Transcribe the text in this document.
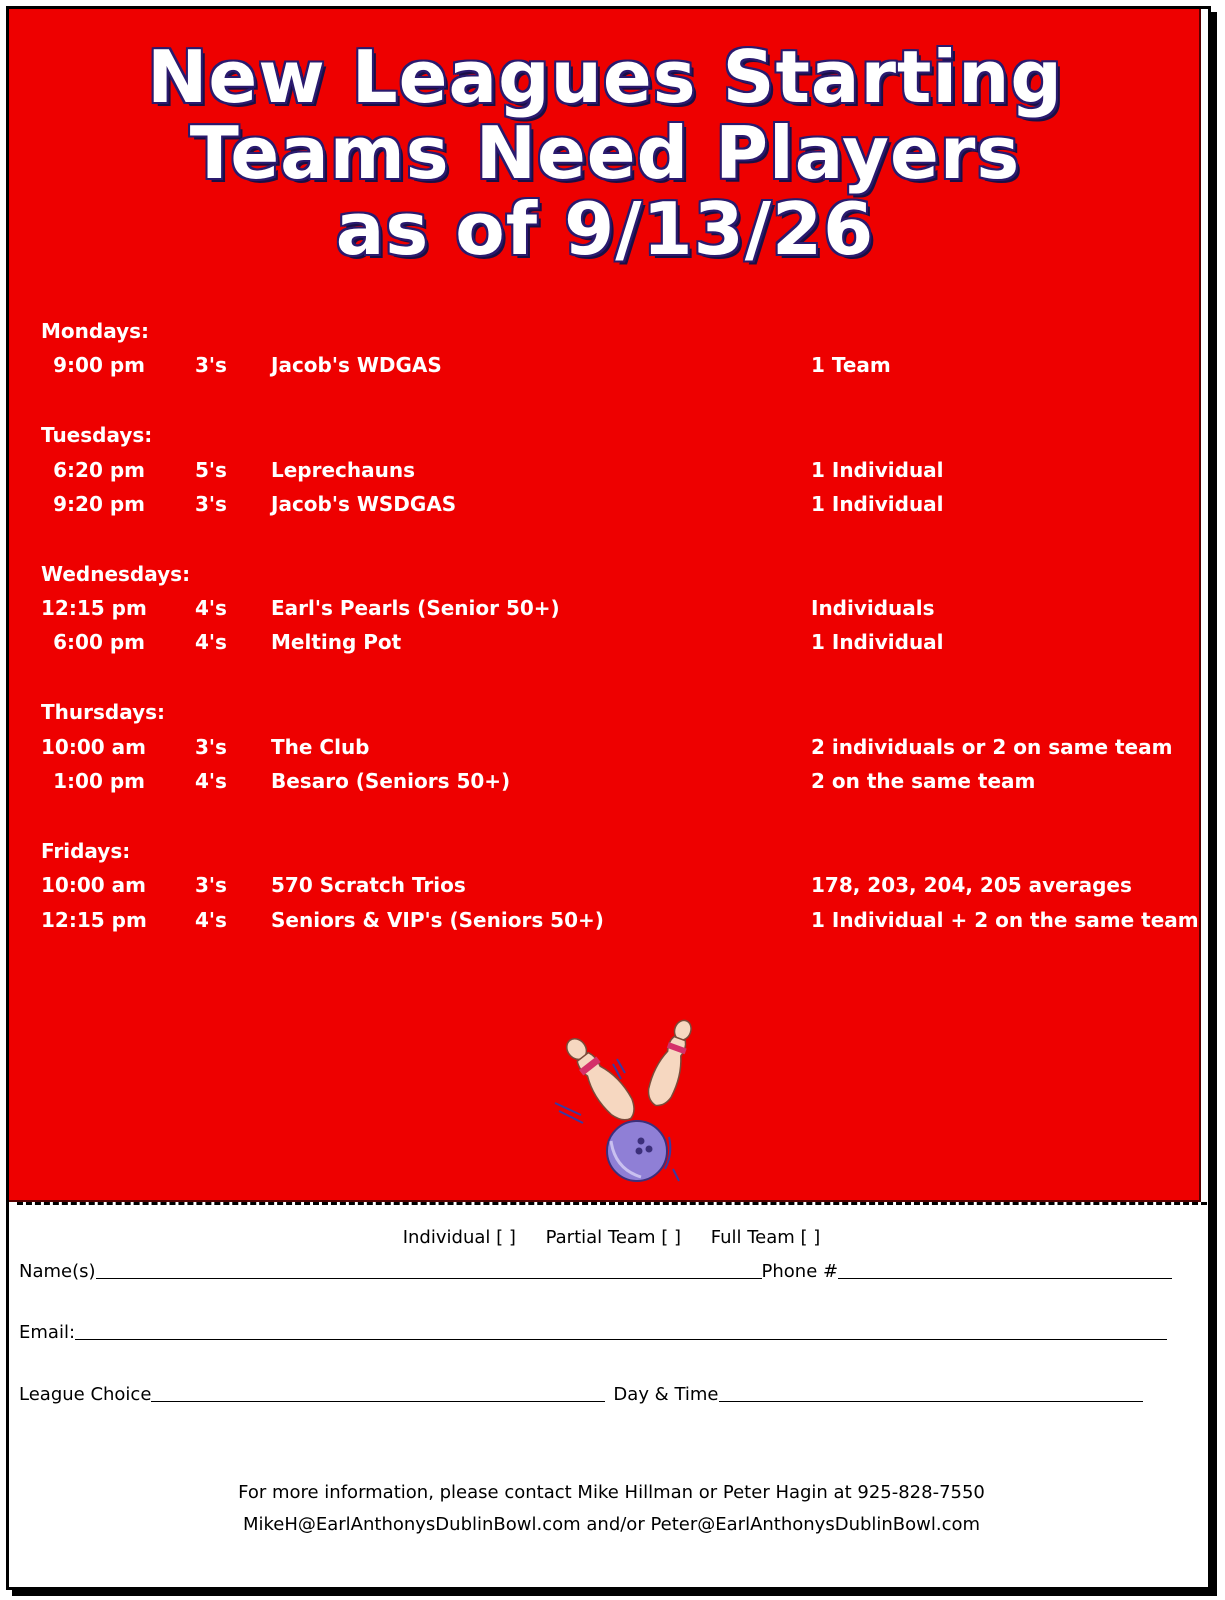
New Leagues Starting
Teams Need Players
as of 9/13/26
Mondays:
9:00 pm	3's Jacob's WDGAS	1 Team
Tuesdays:
6:20 pm	5's Leprechauns	1 Individual
9:20 pm	3's Jacob's WSDGAS	1 Individual
Wednesdays:
12:15 pm 4's Earl's Pearls (Senior 50+)	Individuals
6:00 pm	4's Melting Pot	1 Individual
Thursdays:
10:00 am 3's The Club	2 individuals or 2 on same team
1:00 pm	4's Besaro (Seniors 50+)	2 on the same team
Fridays:
10:00 am 3's 570 Scratch Trios	178, 203, 204, 205 averages
12:15 pm 4's Seniors & VIP's (Seniors 50+)	1 Individual + 2 on the same team
Individual [ ] Partial Team [ ] Full Team [ ]
Name(s)	Phone #
Email:
League Choice	Day & Time
For more information, please contact Mike Hillman or Peter Hagin at 925-828-7550
MikeH@EarlAnthonysDublinBowl.com and/or Peter@EarlAnthonysDublinBowl.com
